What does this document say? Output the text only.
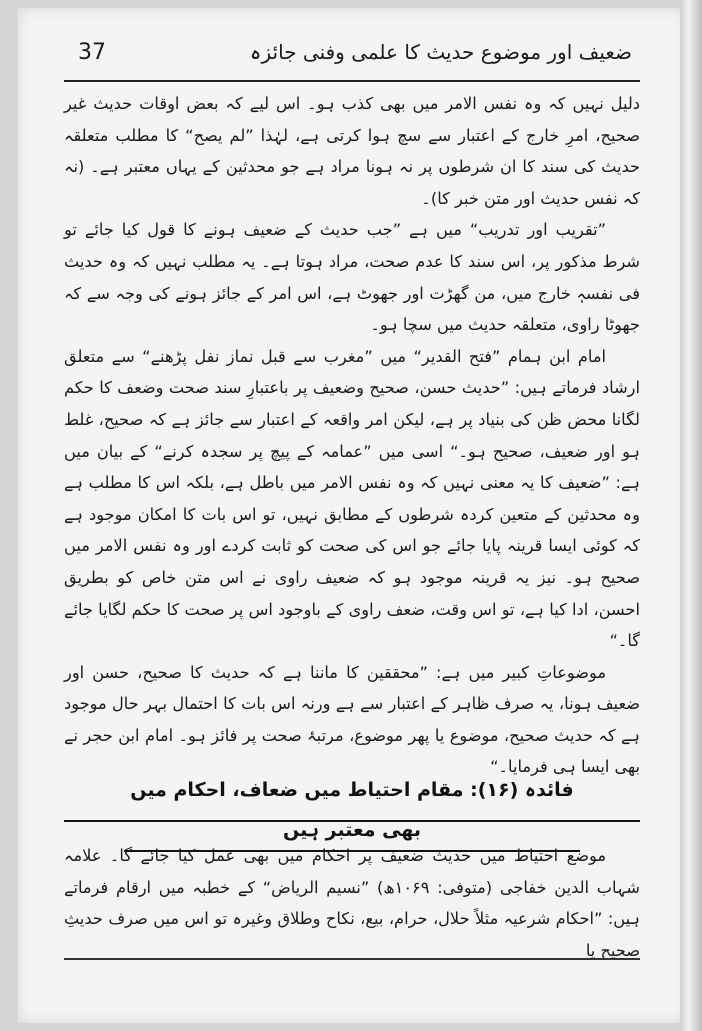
37	ضعیف اور موضوع حدیث کا علمی وفنی جائزہ

دلیل نہیں کہ وہ نفس الامر میں بھی کذب ہو۔ اس لیے کہ بعض اوقات حدیث غیر صحیح، امرِ خارج کے اعتبار سے سچ ہوا کرتی ہے، لہٰذا ”لم یصح“ کا مطلب متعلقہ حدیث کی سند کا ان شرطوں پر نہ ہونا مراد ہے جو محدثین کے یہاں معتبر ہے۔ (نہ کہ نفس حدیث اور متن خبر کا)۔

”تقریب اور تدریب“ میں ہے ”جب حدیث کے ضعیف ہونے کا قول کیا جائے تو شرط مذکور پر، اس سند کا عدم صحت، مراد ہوتا ہے۔ یہ مطلب نہیں کہ وہ حدیث فی نفسہٖ خارج میں، من گھڑت اور جھوٹ ہے، اس امر کے جائز ہونے کی وجہ سے کہ جھوٹا راوی، متعلقہ حدیث میں سچا ہو۔

امام ابن ہمام ”فتح القدیر“ میں ”مغرب سے قبل نماز نفل پڑھنے“ سے متعلق ارشاد فرماتے ہیں: ”حدیث حسن، صحیح وضعیف پر باعتبارِ سند صحت وضعف کا حکم لگانا محض ظن کی بنیاد پر ہے، لیکن امر واقعہ کے اعتبار سے جائز ہے کہ صحیح، غلط ہو اور ضعیف، صحیح ہو۔“ اسی میں ”عمامہ کے پیچ پر سجدہ کرنے“ کے بیان میں ہے: ”ضعیف کا یہ معنی نہیں کہ وہ نفس الامر میں باطل ہے، بلکہ اس کا مطلب ہے وہ محدثین کے متعین کردہ شرطوں کے مطابق نہیں، تو اس بات کا امکان موجود ہے کہ کوئی ایسا قرینہ پایا جائے جو اس کی صحت کو ثابت کردے اور وہ نفس الامر میں صحیح ہو۔ نیز یہ قرینہ موجود ہو کہ ضعیف راوی نے اس متن خاص کو بطریق احسن، ادا کیا ہے، تو اس وقت، ضعف راوی کے باوجود اس پر صحت کا حکم لگایا جائے گا۔“

موضوعاتِ کبیر میں ہے: ”محققین کا ماننا ہے کہ حدیث کا صحیح، حسن اور ضعیف ہونا، یہ صرف ظاہر کے اعتبار سے ہے ورنہ اس بات کا احتمال بہر حال موجود ہے کہ حدیث صحیح، موضوع یا پھر موضوع، مرتبۂ صحت پر فائز ہو۔ امام ابن حجر نے بھی ایسا ہی فرمایا۔“

فائدہ (۱۶): مقام احتیاط میں ضعاف، احکام میں بھی معتبر ہیں

موضع احتیاط میں حدیث ضعیف پر احکام میں بھی عمل کیا جائے گا۔ علامہ شہاب الدین خفاجی (متوفی: ۱۰۶۹ھ) ”نسیم الریاض“ کے خطبہ میں ارقام فرماتے ہیں: ”احکام شرعیہ مثلاً حلال، حرام، بیع، نکاح وطلاق وغیرہ تو اس میں صرف حدیثِ صحیح یا
